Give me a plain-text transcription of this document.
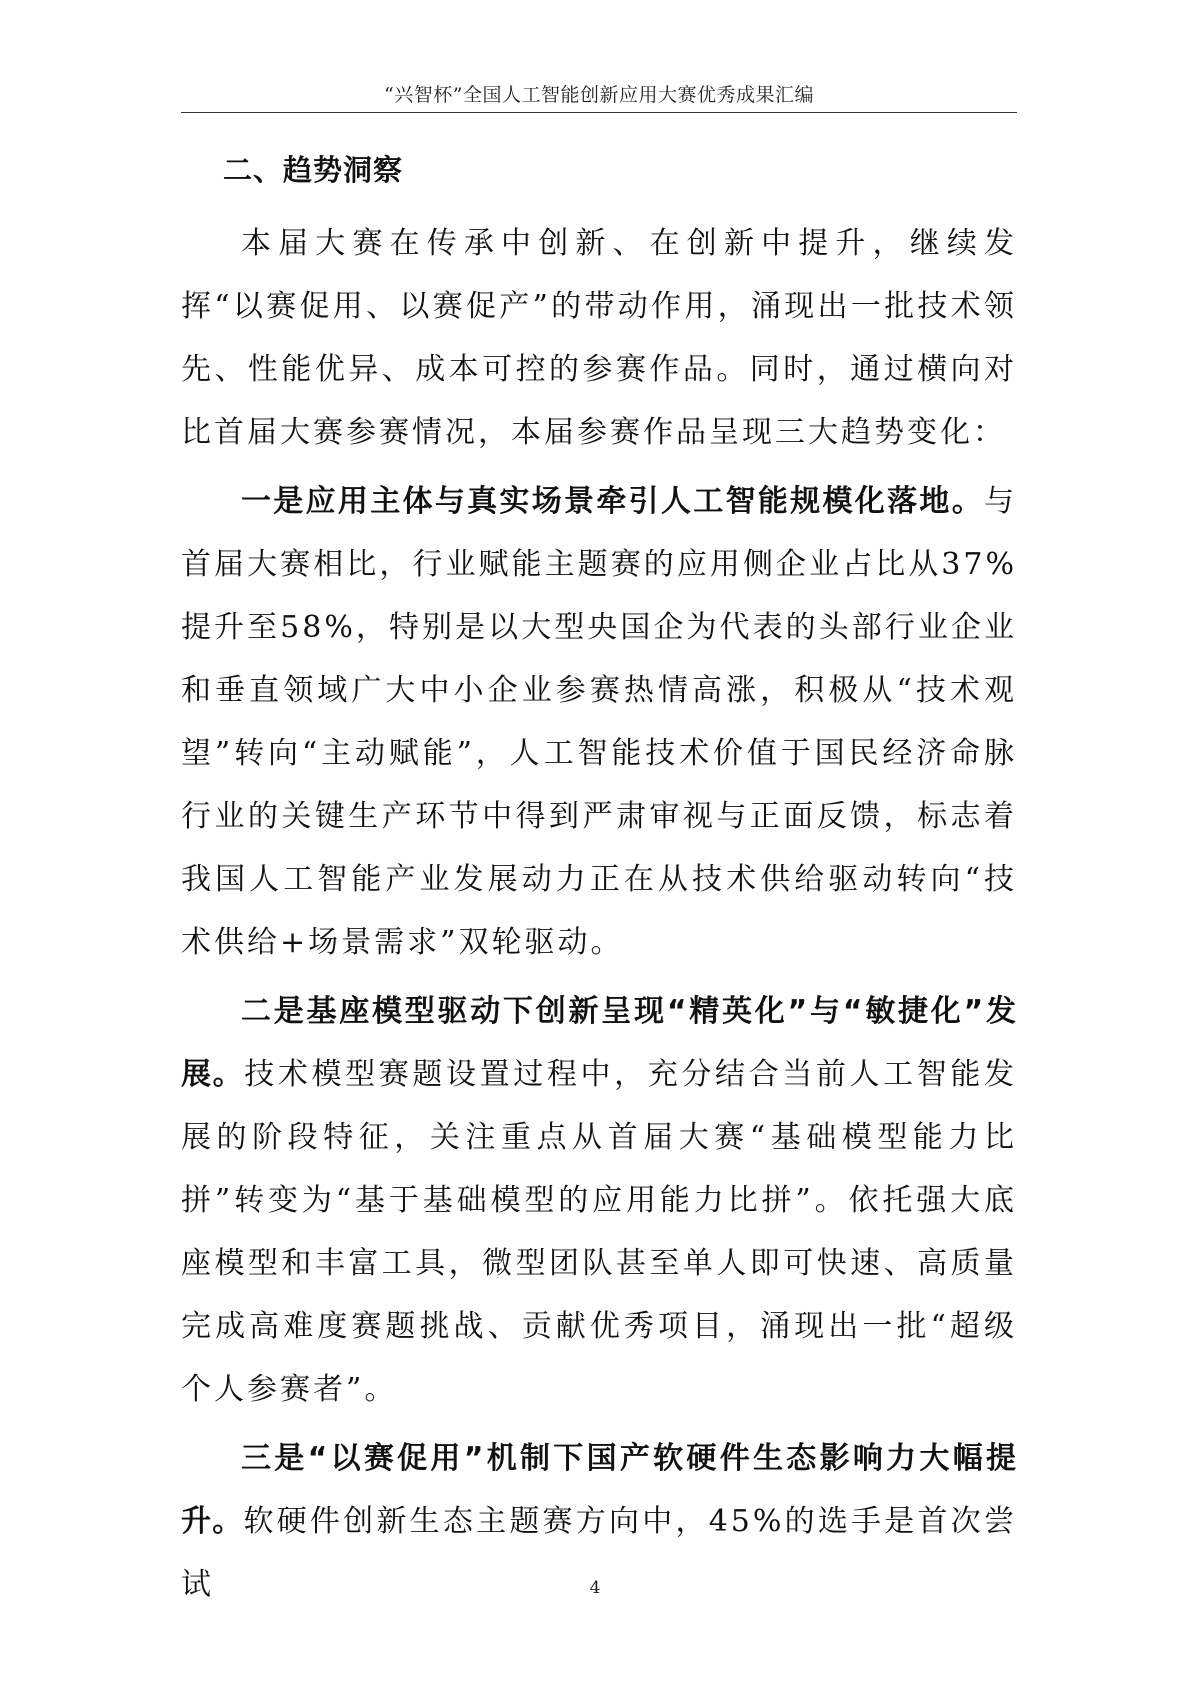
“兴智杯”全国人工智能创新应用大赛优秀成果汇编
二、趋势洞察

本届大赛在传承中创新、在创新中提升，继续发挥“以赛促用、以赛促产”的带动作用，涌现出一批技术领先、性能优异、成本可控的参赛作品。同时，通过横向对比首届大赛参赛情况，本届参赛作品呈现三大趋势变化：

一是应用主体与真实场景牵引人工智能规模化落地。与首届大赛相比，行业赋能主题赛的应用侧企业占比从37%提升至58%，特别是以大型央国企为代表的头部行业企业和垂直领域广大中小企业参赛热情高涨，积极从“技术观望”转向“主动赋能”，人工智能技术价值于国民经济命脉行业的关键生产环节中得到严肃审视与正面反馈，标志着我国人工智能产业发展动力正在从技术供给驱动转向“技术供给+场景需求”双轮驱动。

二是基座模型驱动下创新呈现“精英化”与“敏捷化”发展。技术模型赛题设置过程中，充分结合当前人工智能发展的阶段特征，关注重点从首届大赛“基础模型能力比拼”转变为“基于基础模型的应用能力比拼”。依托强大底座模型和丰富工具，微型团队甚至单人即可快速、高质量完成高难度赛题挑战、贡献优秀项目，涌现出一批“超级个人参赛者”。

三是“以赛促用”机制下国产软硬件生态影响力大幅提升。软硬件创新生态主题赛方向中，45%的选手是首次尝试	4
